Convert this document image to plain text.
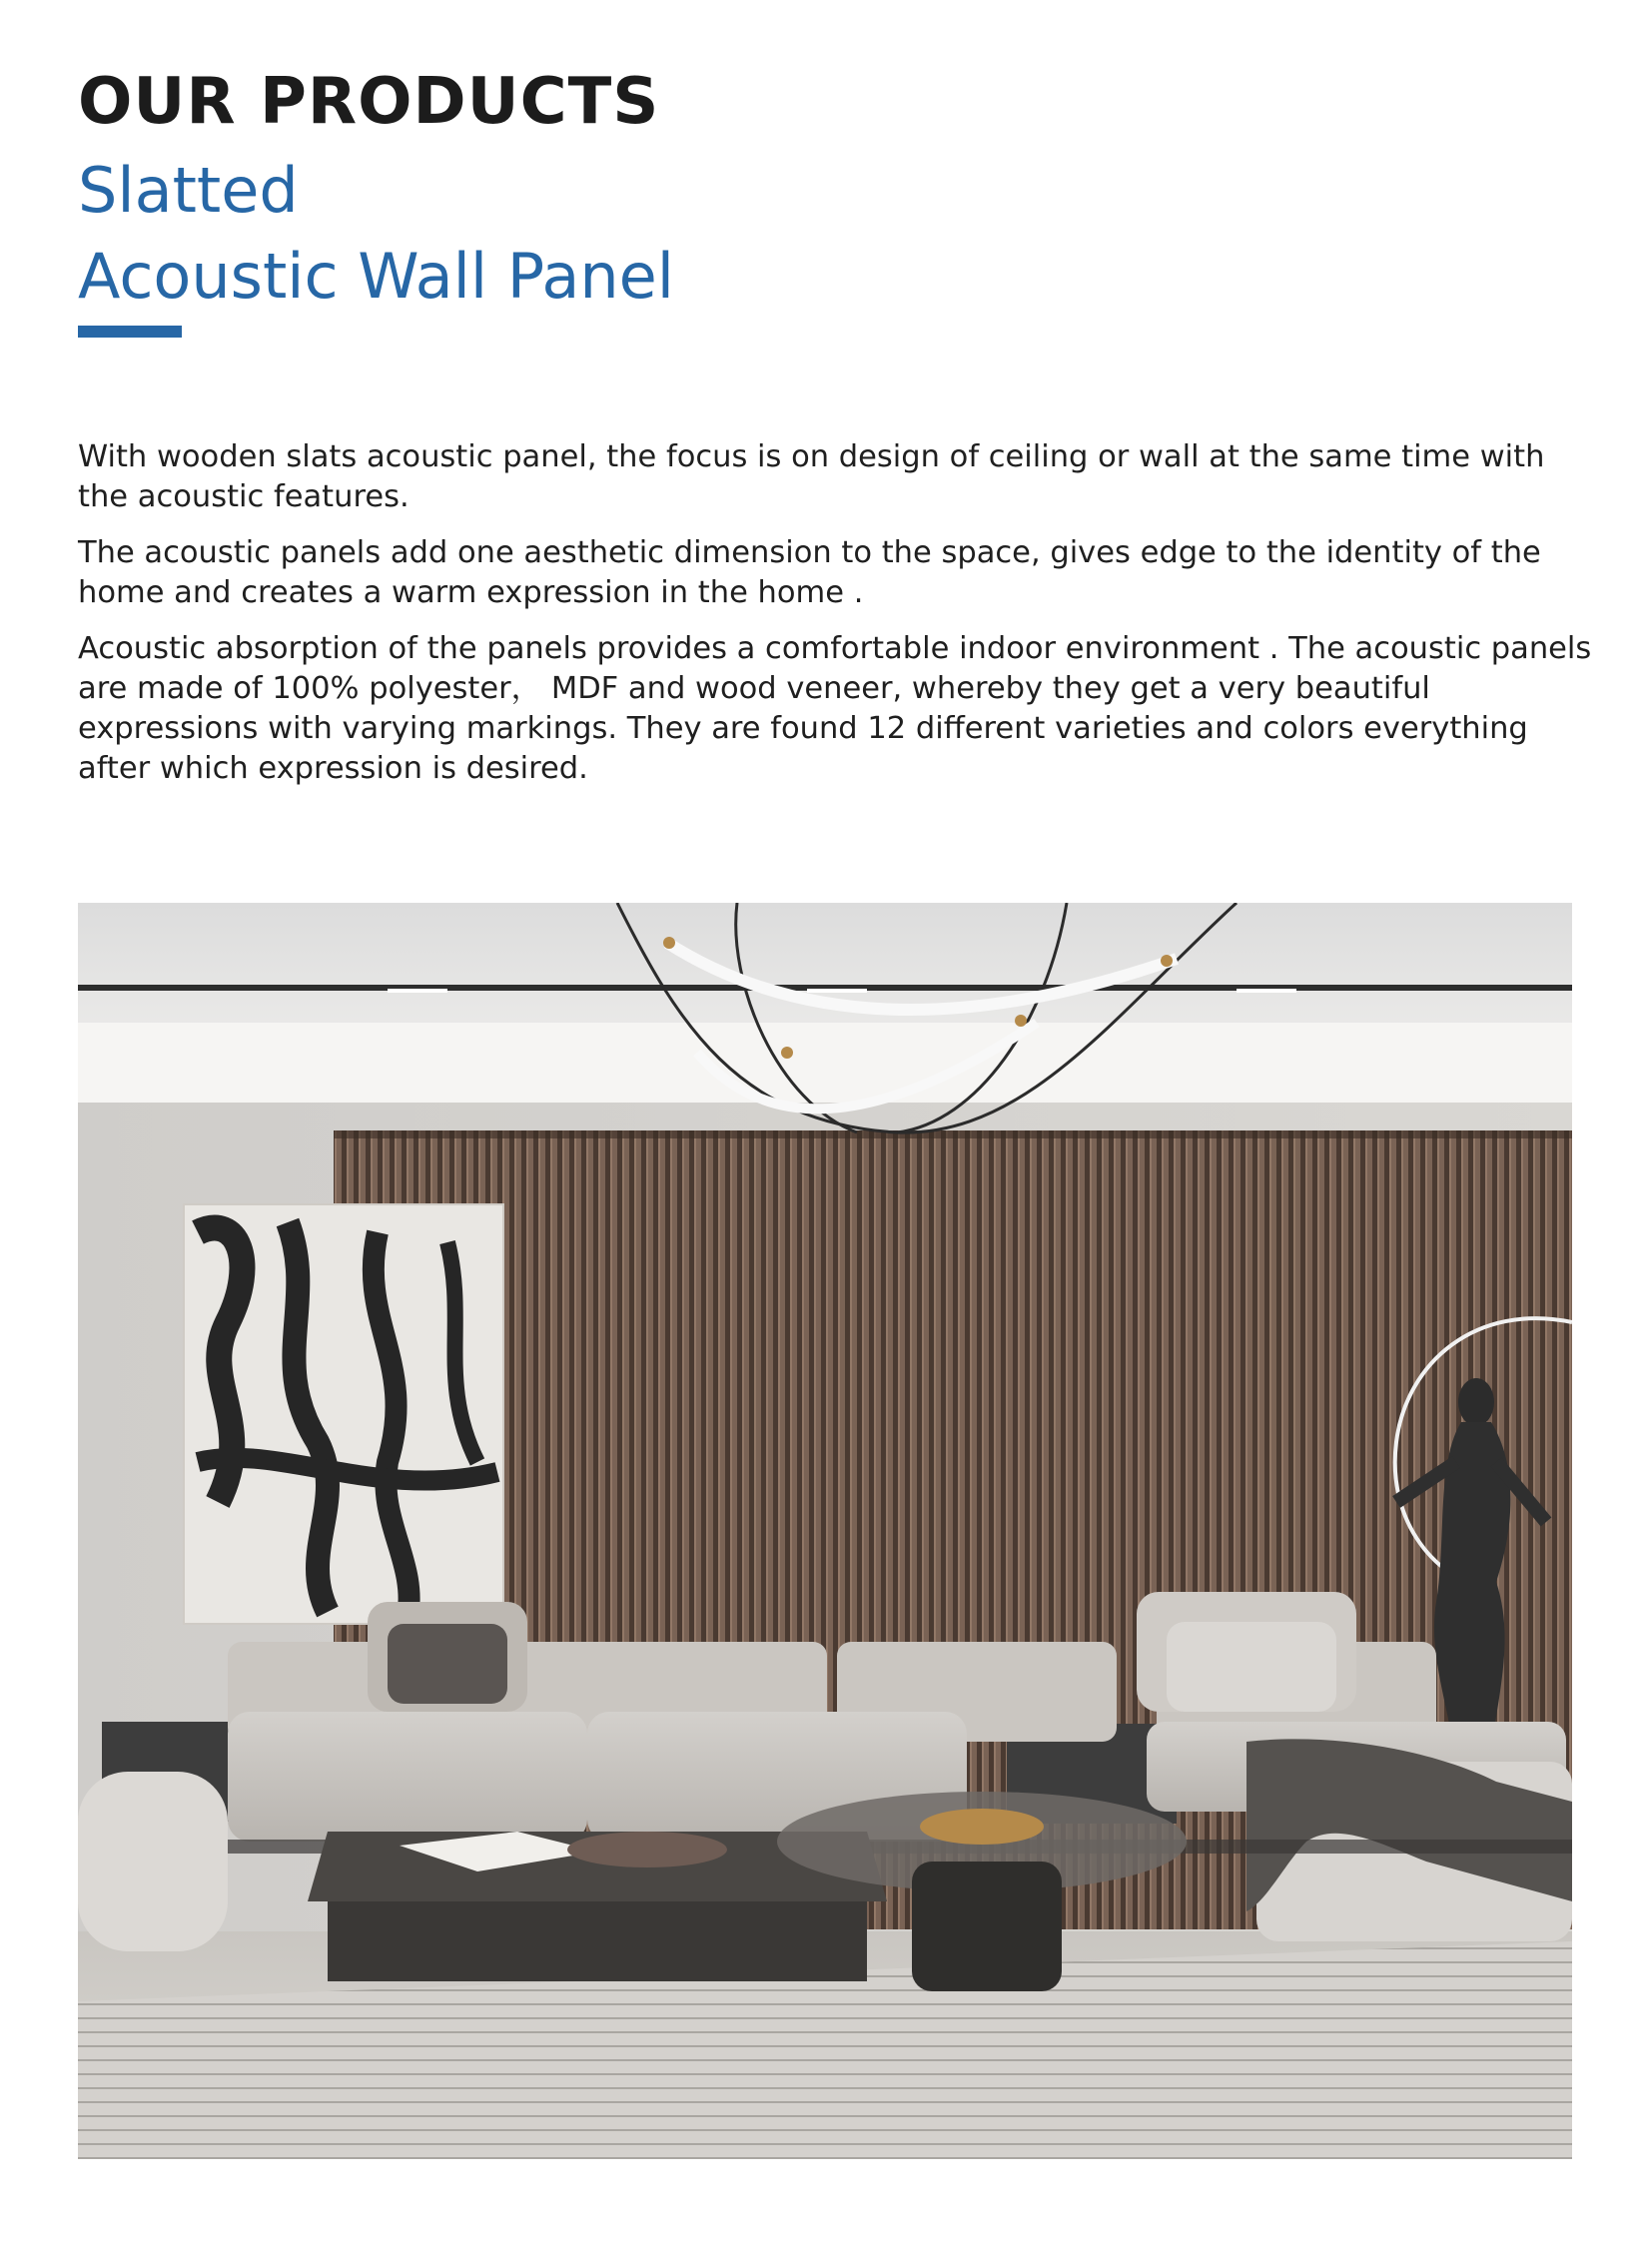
OUR PRODUCTS
Slatted
Acoustic Wall Panel

With wooden slats acoustic panel, the focus is on design of ceiling or wall at the same time with the acoustic features.

The acoustic panels add one aesthetic dimension to the space, gives edge to the identity of the home and creates a warm expression in the home .

Acoustic absorption of the panels provides a comfortable indoor environment . The acoustic panels are made of 100% polyester， MDF and wood veneer, whereby they get a very beautiful expressions with varying markings. They are found 12 different varieties and colors everything after which expression is desired.
